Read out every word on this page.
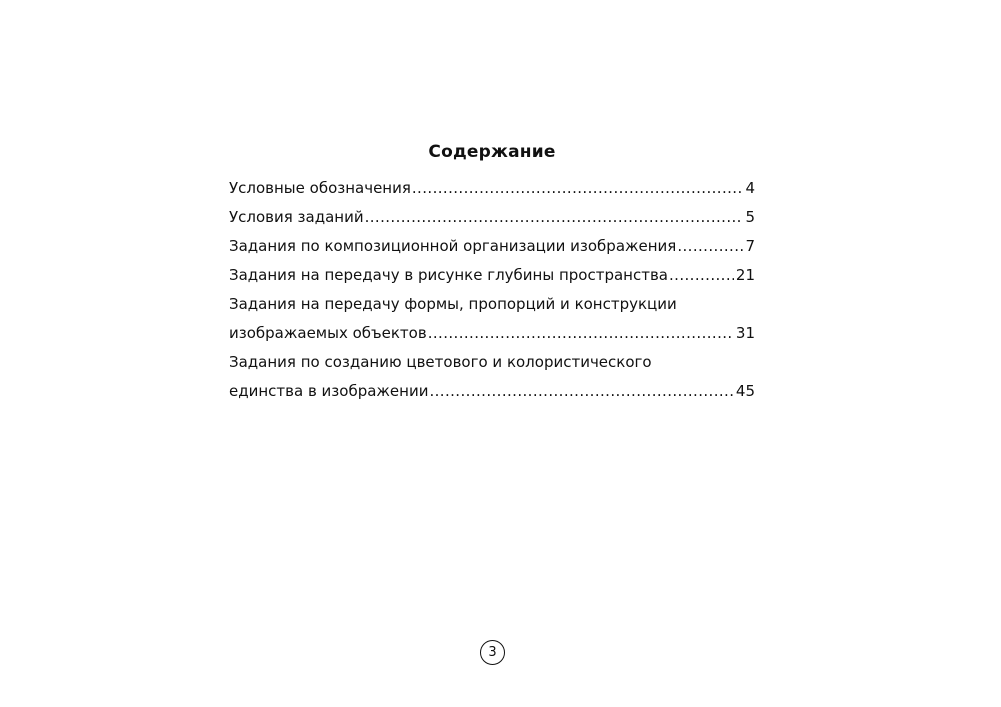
Содержание
Условные обозначения .....	4
Условия заданий .....	5
Задания по композиционной организации изображения .....	7
Задания на передачу в рисунке глубины пространства .....	21
Задания на передачу формы, пропорций и конструкции
изображаемых объектов .....	31
Задания по созданию цветового и колористического
единства в изображении .....	45
3
